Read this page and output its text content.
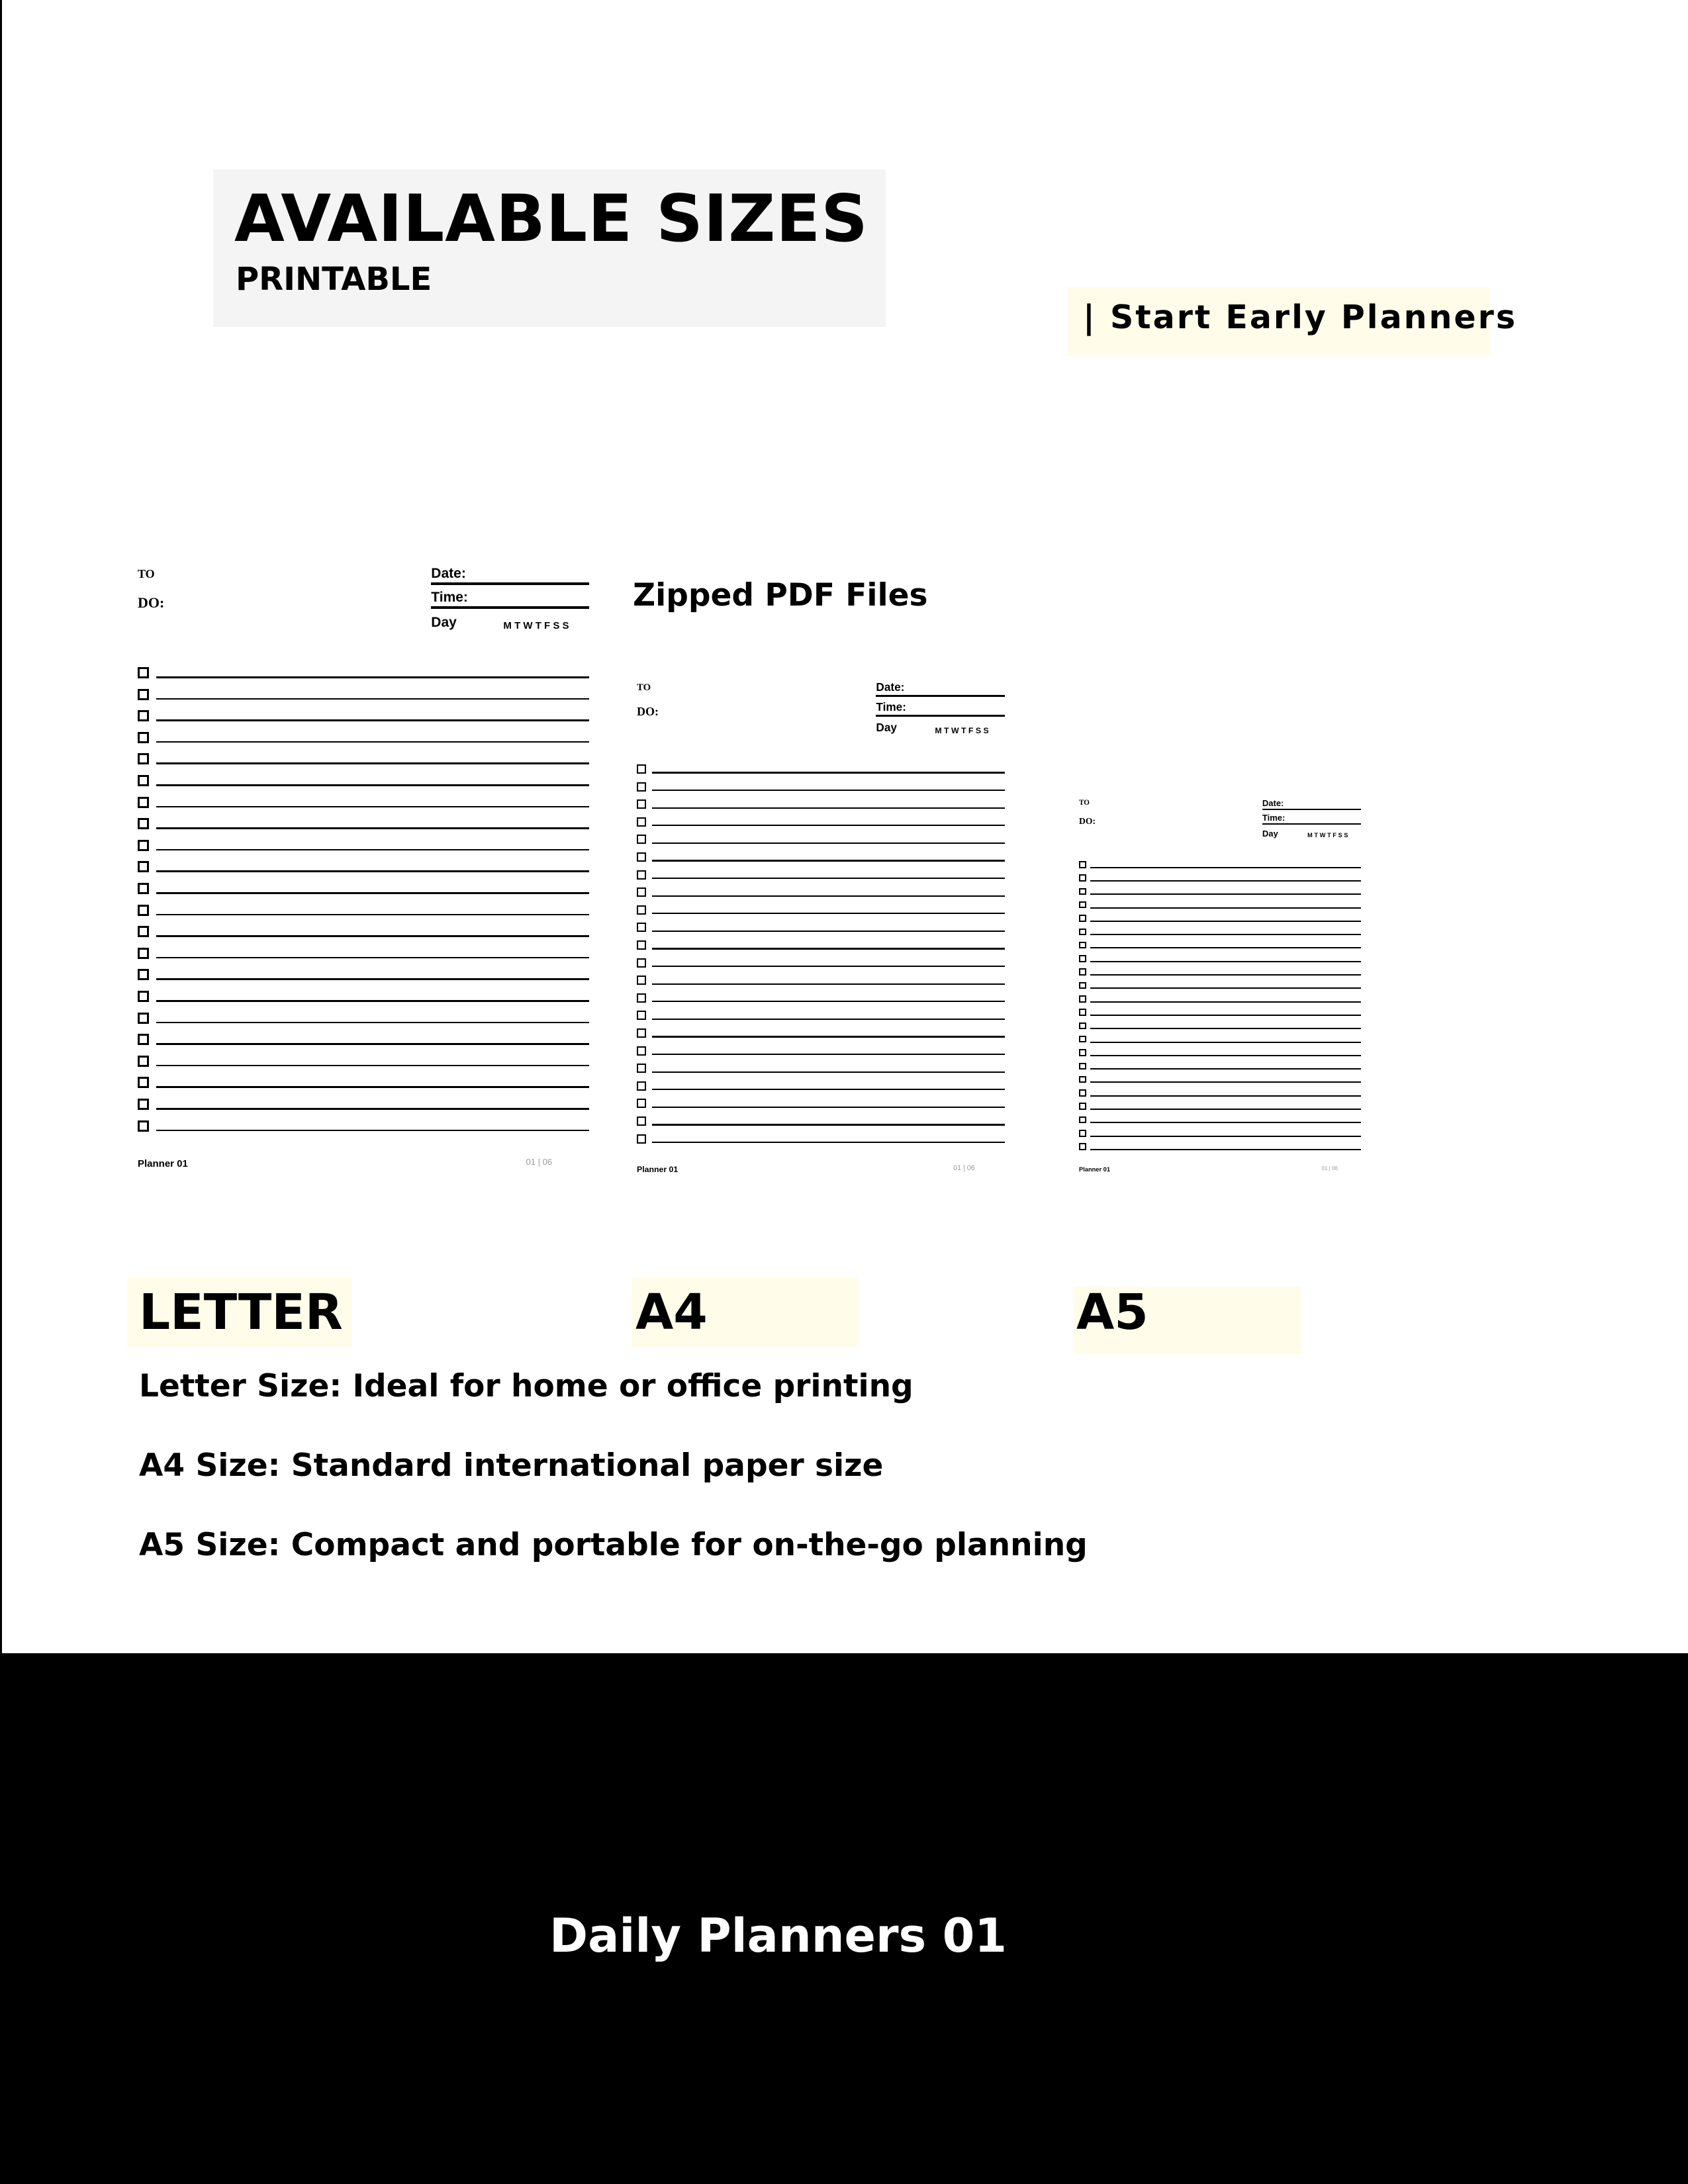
AVAILABLE SIZES
PRINTABLE
| Start Early Planners
Zipped PDF Files
TO
DO:
Date:
Time:
Day	M T W T F S S
Planner 01	01 | 06
TO
DO:
Date:
Time:
Day	M T W T F S S
Planner 01	01 | 06
TO
DO:
Date:
Time:
Day	M T W T F S S
Planner 01	01 | 06
LETTER	A4	A5
Letter Size: Ideal for home or office printing
A4 Size: Standard international paper size
A5 Size: Compact and portable for on-the-go planning
Daily Planners 01
